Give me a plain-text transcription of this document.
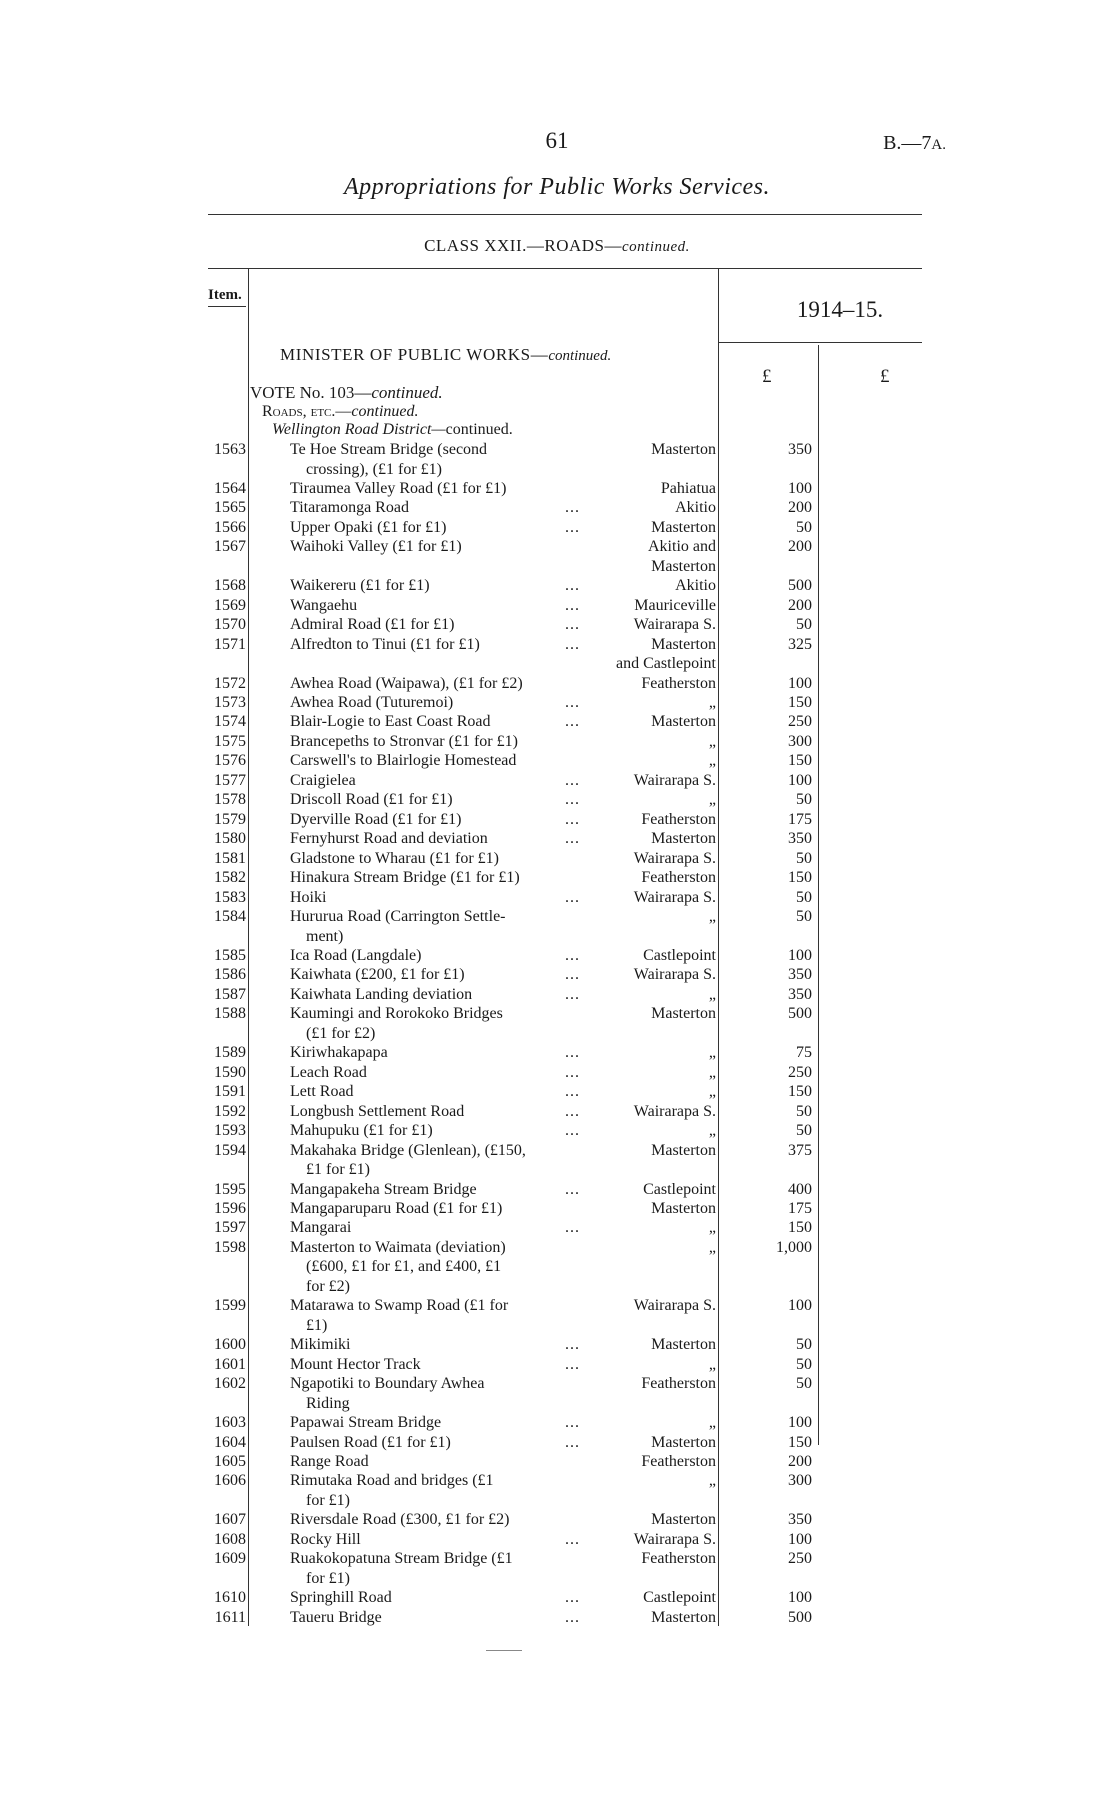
61	B.—7A.
Appropriations for Public Works Services.
CLASS XXII.—ROADS—continued.
Item.
1914–15.
£	£
MINISTER OF PUBLIC WORKS—continued.
VOTE No. 103—continued.
Roads, etc.—continued.
Wellington Road District—continued.
1563	Te Hoe Stream Bridge (second	Masterton	350
crossing), (£1 for £1)
1564	Tiraumea Valley Road (£1 for £1)	Pahiatua	100
1565	Titaramonga Road	...	Akitio	200
1566	Upper Opaki (£1 for £1)	...	Masterton	50
1567	Waihoki Valley (£1 for £1)	Akitio and	200
Masterton
1568	Waikereru (£1 for £1)	...	Akitio	500
1569	Wangaehu	...	Mauriceville	200
1570	Admiral Road (£1 for £1)	...	Wairarapa S.	50
1571	Alfredton to Tinui (£1 for £1)	...	Masterton	325
and Castlepoint
1572	Awhea Road (Waipawa), (£1 for £2)	Featherston	100
1573	Awhea Road (Tuturemoi)	...	„	150
1574	Blair-Logie to East Coast Road	...	Masterton	250
1575	Brancepeths to Stronvar (£1 for £1)	„	300
1576	Carswell's to Blairlogie Homestead	„	150
1577	Craigielea	...	Wairarapa S.	100
1578	Driscoll Road (£1 for £1)	...	„	50
1579	Dyerville Road (£1 for £1)	...	Featherston	175
1580	Fernyhurst Road and deviation	...	Masterton	350
1581	Gladstone to Wharau (£1 for £1)	Wairarapa S.	50
1582	Hinakura Stream Bridge (£1 for £1)	Featherston	150
1583	Hoiki	...	Wairarapa S.	50
1584	Hururua Road (Carrington Settle-	„	50
ment)
1585	Ica Road (Langdale)	...	Castlepoint	100
1586	Kaiwhata (£200, £1 for £1)	...	Wairarapa S.	350
1587	Kaiwhata Landing deviation	...	„	350
1588	Kaumingi and Rorokoko Bridges	Masterton	500
(£1 for £2)
1589	Kiriwhakapapa	...	„	75
1590	Leach Road	...	„	250
1591	Lett Road	...	„	150
1592	Longbush Settlement Road	...	Wairarapa S.	50
1593	Mahupuku (£1 for £1)	...	„	50
1594	Makahaka Bridge (Glenlean), (£150,	Masterton	375
£1 for £1)
1595	Mangapakeha Stream Bridge	...	Castlepoint	400
1596	Mangaparuparu Road (£1 for £1)	Masterton	175
1597	Mangarai	...	„	150
1598	Masterton to Waimata (deviation)	„	1,000
(£600, £1 for £1, and £400, £1
for £2)
1599	Matarawa to Swamp Road (£1 for	Wairarapa S.	100
£1)
1600	Mikimiki	...	Masterton	50
1601	Mount Hector Track	...	„	50
1602	Ngapotiki to Boundary Awhea	Featherston	50
Riding
1603	Papawai Stream Bridge	...	„	100
1604	Paulsen Road (£1 for £1)	...	Masterton	150
1605	Range Road	Featherston	200
1606	Rimutaka Road and bridges (£1	„	300
for £1)
1607	Riversdale Road (£300, £1 for £2)	Masterton	350
1608	Rocky Hill	...	Wairarapa S.	100
1609	Ruakokopatuna Stream Bridge (£1	Featherston	250
for £1)
1610	Springhill Road	...	Castlepoint	100
1611	Taueru Bridge	...	Masterton	500
